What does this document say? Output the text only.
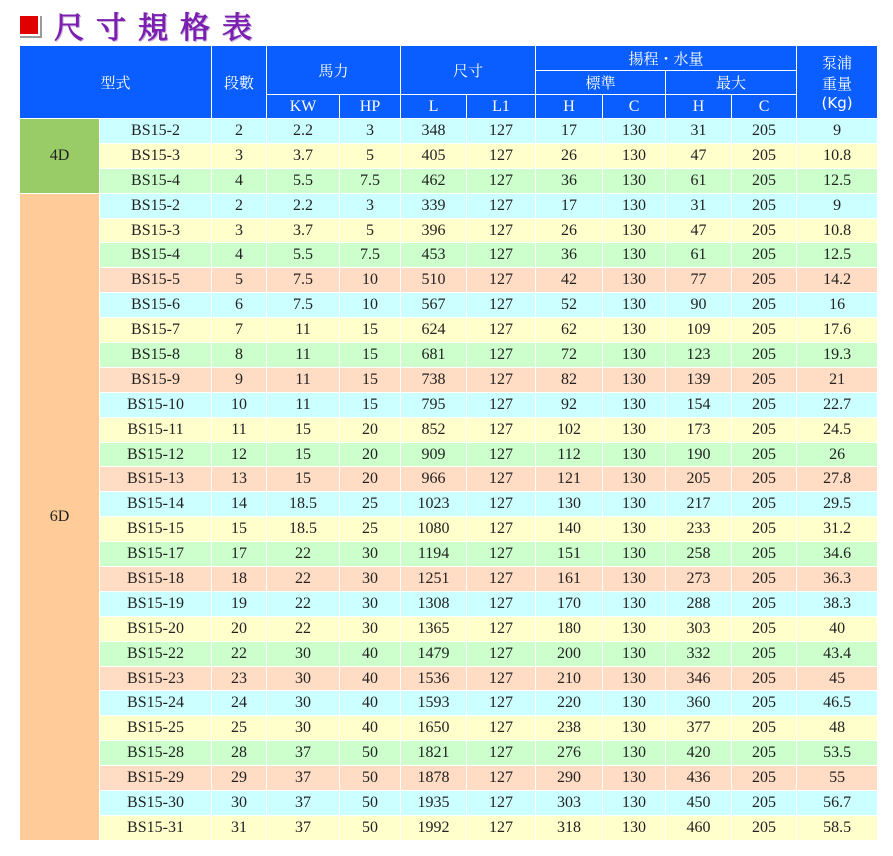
尺寸規格表
型式		段數	馬力		尺寸		揚程・水量				泵浦
重量
(Kg)

							標準		最大		
			KW	HP	L	L1	H	C	H	C	
4D	BS15-2	2	2.2	3	348	127	17	130	31	205	9
	BS15-3	3	3.7	5	405	127	26	130	47	205	10.8
	BS15-4	4	5.5	7.5	462	127	36	130	61	205	12.5
6D	BS15-2	2	2.2	3	339	127	17	130	31	205	9
	BS15-3	3	3.7	5	396	127	26	130	47	205	10.8
	BS15-4	4	5.5	7.5	453	127	36	130	61	205	12.5
	BS15-5	5	7.5	10	510	127	42	130	77	205	14.2
	BS15-6	6	7.5	10	567	127	52	130	90	205	16
	BS15-7	7	11	15	624	127	62	130	109	205	17.6
	BS15-8	8	11	15	681	127	72	130	123	205	19.3
	BS15-9	9	11	15	738	127	82	130	139	205	21
	BS15-10	10	11	15	795	127	92	130	154	205	22.7
	BS15-11	11	15	20	852	127	102	130	173	205	24.5
	BS15-12	12	15	20	909	127	112	130	190	205	26
	BS15-13	13	15	20	966	127	121	130	205	205	27.8
	BS15-14	14	18.5	25	1023	127	130	130	217	205	29.5
	BS15-15	15	18.5	25	1080	127	140	130	233	205	31.2
	BS15-17	17	22	30	1194	127	151	130	258	205	34.6
	BS15-18	18	22	30	1251	127	161	130	273	205	36.3
	BS15-19	19	22	30	1308	127	170	130	288	205	38.3
	BS15-20	20	22	30	1365	127	180	130	303	205	40
	BS15-22	22	30	40	1479	127	200	130	332	205	43.4
	BS15-23	23	30	40	1536	127	210	130	346	205	45
	BS15-24	24	30	40	1593	127	220	130	360	205	46.5
	BS15-25	25	30	40	1650	127	238	130	377	205	48
	BS15-28	28	37	50	1821	127	276	130	420	205	53.5
	BS15-29	29	37	50	1878	127	290	130	436	205	55
	BS15-30	30	37	50	1935	127	303	130	450	205	56.7
	BS15-31	31	37	50	1992	127	318	130	460	205	58.5
